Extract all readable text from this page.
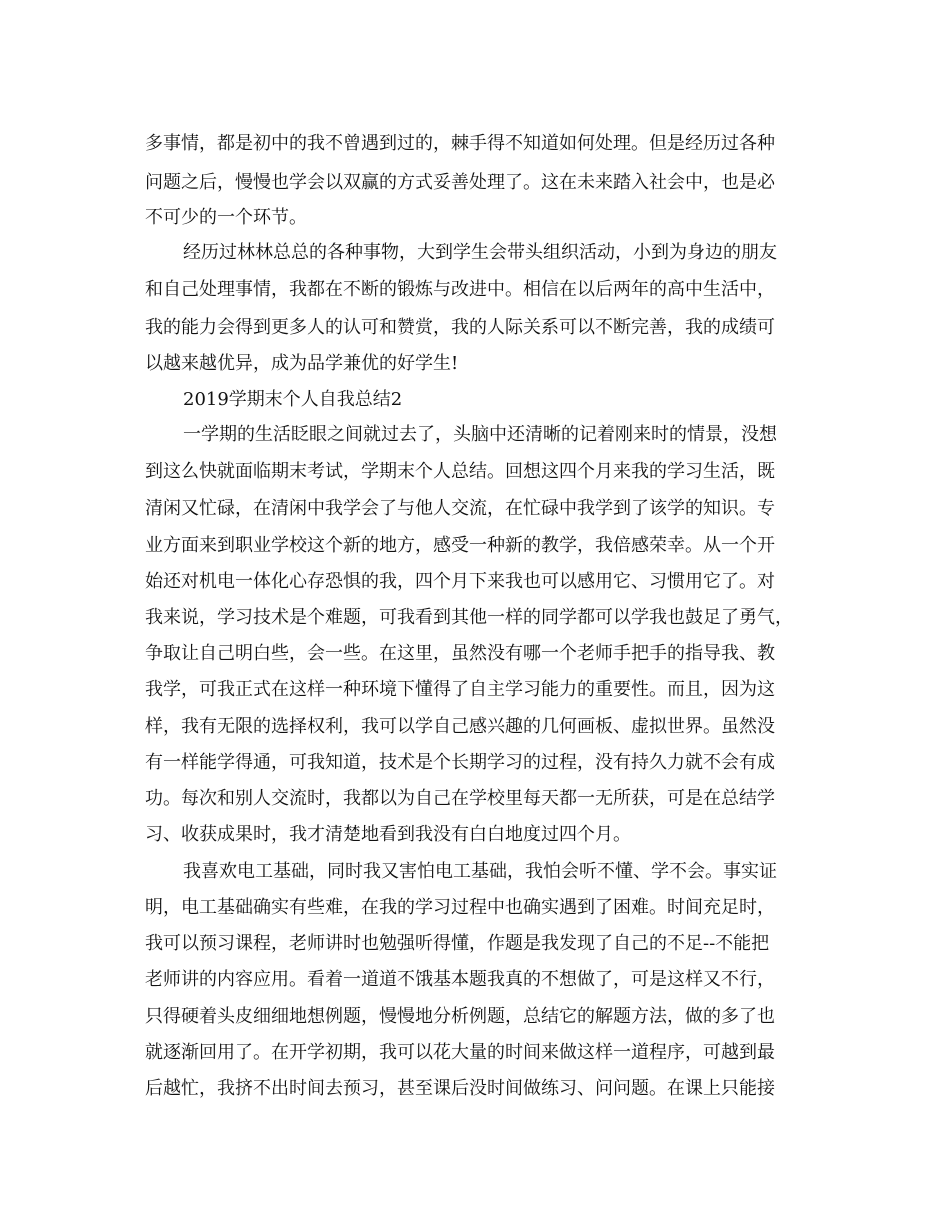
多事情，都是初中的我不曾遇到过的，棘手得不知道如何处理。但是经历过各种
问题之后，慢慢也学会以双赢的方式妥善处理了。这在未来踏入社会中，也是必
不可少的一个环节。
经历过林林总总的各种事物，大到学生会带头组织活动，小到为身边的朋友
和自己处理事情，我都在不断的锻炼与改进中。相信在以后两年的高中生活中，
我的能力会得到更多人的认可和赞赏，我的人际关系可以不断完善，我的成绩可
以越来越优异，成为品学兼优的好学生!
2019学期末个人自我总结2
一学期的生活眨眼之间就过去了，头脑中还清晰的记着刚来时的情景，没想
到这么快就面临期末考试，学期末个人总结。回想这四个月来我的学习生活，既
清闲又忙碌，在清闲中我学会了与他人交流，在忙碌中我学到了该学的知识。专
业方面来到职业学校这个新的地方，感受一种新的教学，我倍感荣幸。从一个开
始还对机电一体化心存恐惧的我，四个月下来我也可以感用它、习惯用它了。对
我来说，学习技术是个难题，可我看到其他一样的同学都可以学我也鼓足了勇气，
争取让自己明白些，会一些。在这里，虽然没有哪一个老师手把手的指导我、教
我学，可我正式在这样一种环境下懂得了自主学习能力的重要性。而且，因为这
样，我有无限的选择权利，我可以学自己感兴趣的几何画板、虚拟世界。虽然没
有一样能学得通，可我知道，技术是个长期学习的过程，没有持久力就不会有成
功。每次和别人交流时，我都以为自己在学校里每天都一无所获，可是在总结学
习、收获成果时，我才清楚地看到我没有白白地度过四个月。
我喜欢电工基础，同时我又害怕电工基础，我怕会听不懂、学不会。事实证
明，电工基础确实有些难，在我的学习过程中也确实遇到了困难。时间充足时，
我可以预习课程，老师讲时也勉强听得懂，作题是我发现了自己的不足--不能把
老师讲的内容应用。看着一道道不饿基本题我真的不想做了，可是这样又不行，
只得硬着头皮细细地想例题，慢慢地分析例题，总结它的解题方法，做的多了也
就逐渐回用了。在开学初期，我可以花大量的时间来做这样一道程序，可越到最
后越忙，我挤不出时间去预习，甚至课后没时间做练习、问问题。在课上只能接
